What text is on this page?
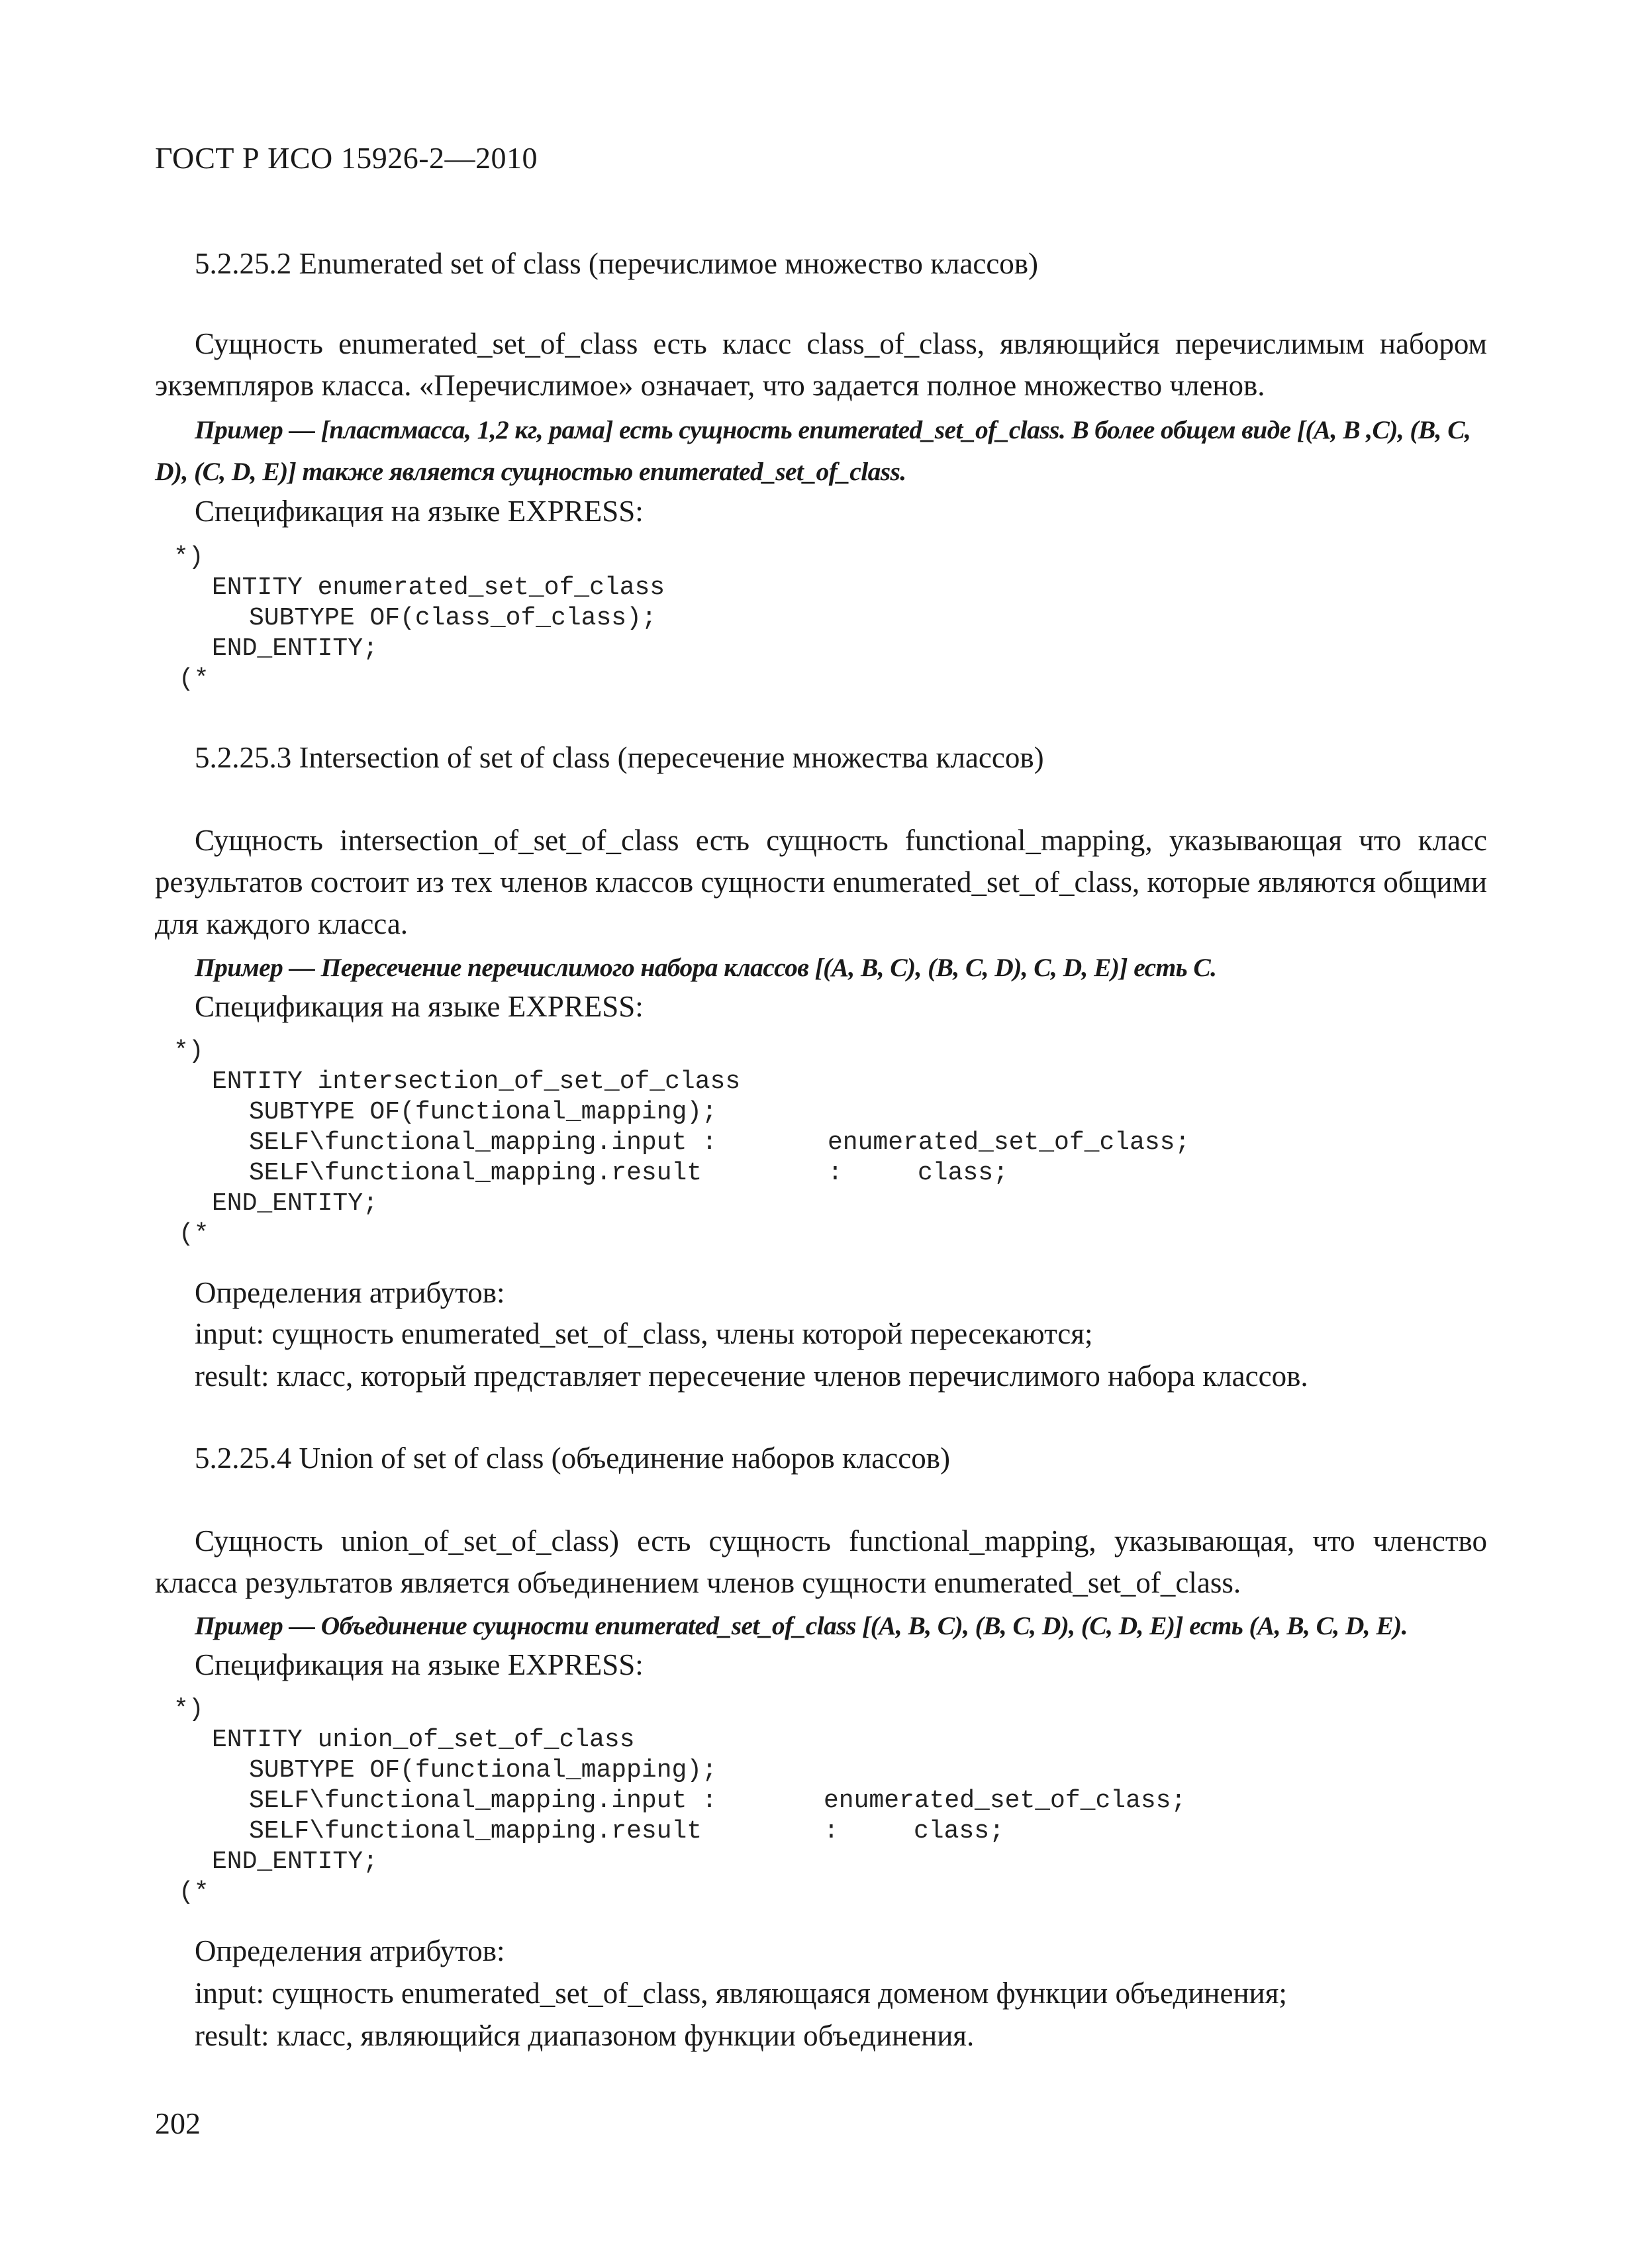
ГОСТ Р ИСО 15926-2—2010
5.2.25.2 Enumerated set of class (перечислимое множество классов)

Сущность enumerated_set_of_class есть класс class_of_class, являющийся перечислимым набором экземпляров класса. «Перечислимое» означает, что задается полное множество членов.

Пример — [пластмасса, 1,2 кг, рама] есть сущность enumerated_set_of_class. В более общем виде [(A, B ,C), (B, C, D), (C, D, E)] также является сущностью enumerated_set_of_class.

Спецификация на языке EXPRESS:
*)
ENTITY enumerated_set_of_class
SUBTYPE OF(class_of_class);
END_ENTITY;
(*
5.2.25.3 Intersection of set of class (пересечение множества классов)

Сущность intersection_of_set_of_class есть сущность functional_mapping, указывающая что класс результатов состоит из тех членов классов сущности enumerated_set_of_class, которые являются общими для каждого класса.

Пример — Пересечение перечислимого набора классов [(A, B, C), (B, C, D), C, D, E)] есть C.

Спецификация на языке EXPRESS:
*)
ENTITY intersection_of_set_of_class
SUBTYPE OF(functional_mapping);
SELF\functional_mapping.input :	enumerated_set_of_class;
SELF\functional_mapping.result	:	class;
END_ENTITY;
(*
Определения атрибутов:
input: сущность enumerated_set_of_class, члены которой пересекаются;
result: класс, который представляет пересечение членов перечислимого набора классов.
5.2.25.4 Union of set of class (объединение наборов классов)

Сущность union_of_set_of_class) есть сущность functional_mapping, указывающая, что членство класса результатов является объединением членов сущности enumerated_set_of_class.

Пример — Объединение сущности enumerated_set_of_class [(A, B, C), (B, C, D), (C, D, E)] есть (A, B, C, D, E).

Спецификация на языке EXPRESS:
*)
ENTITY union_of_set_of_class
SUBTYPE OF(functional_mapping);
SELF\functional_mapping.input :	enumerated_set_of_class;
SELF\functional_mapping.result	:	class;
END_ENTITY;
(*
Определения атрибутов:
input: сущность enumerated_set_of_class, являющаяся доменом функции объединения;
result: класс, являющийся диапазоном функции объединения.
202
